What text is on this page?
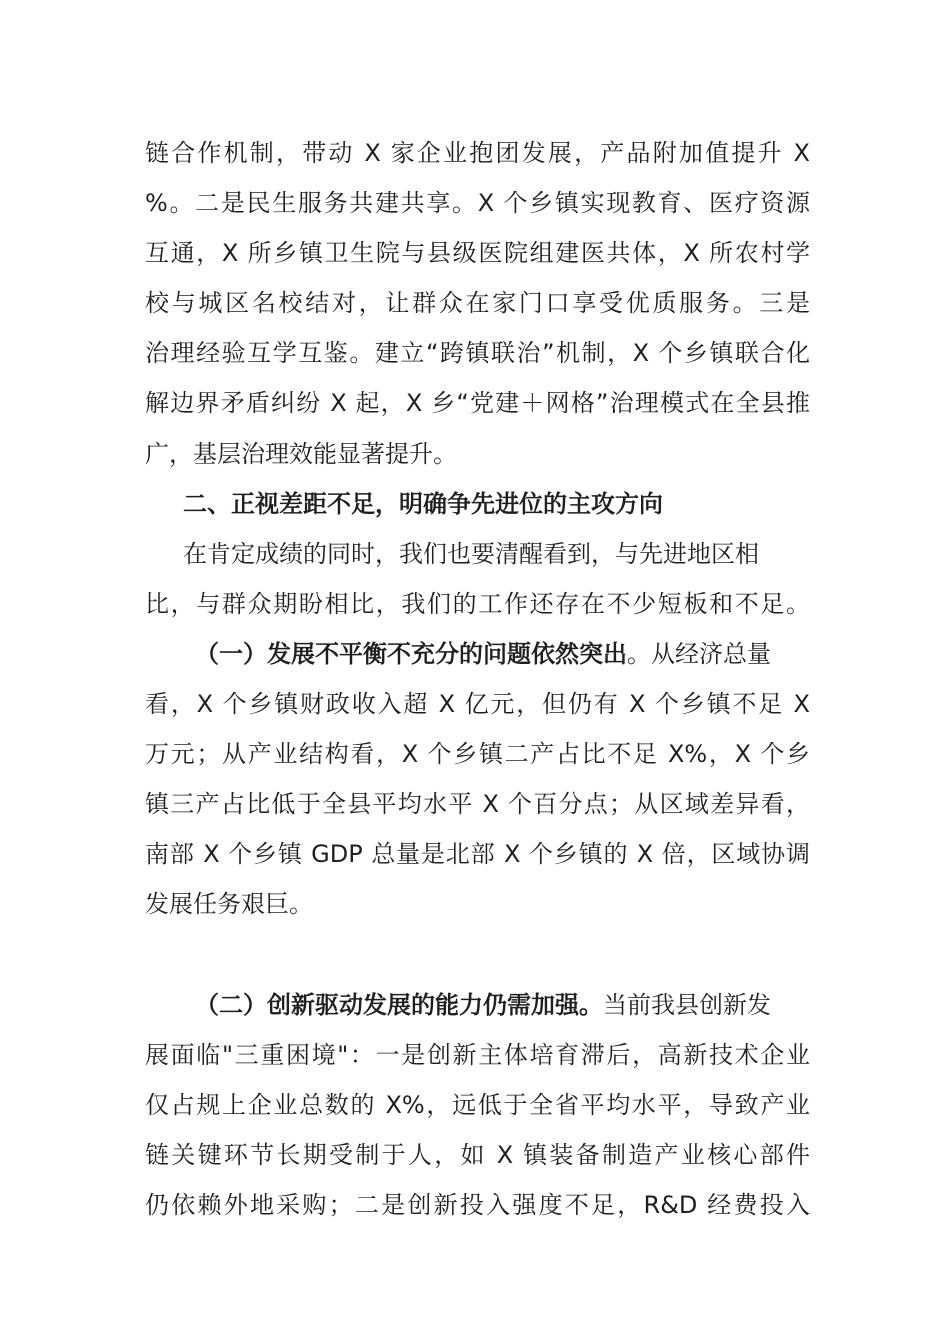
链合作机制，带动 X 家企业抱团发展，产品附加值提升 X
%。二是民生服务共建共享。X 个乡镇实现教育、医疗资源
互通，X 所乡镇卫生院与县级医院组建医共体，X 所农村学
校与城区名校结对，让群众在家门口享受优质服务。三是
治理经验互学互鉴。建立“跨镇联治”机制，X 个乡镇联合化
解边界矛盾纠纷 X 起，X 乡“党建＋网格”治理模式在全县推
广，基层治理效能显著提升。
二、正视差距不足，明确争先进位的主攻方向
在肯定成绩的同时，我们也要清醒看到，与先进地区相
比，与群众期盼相比，我们的工作还存在不少短板和不足。
（一）发展不平衡不充分的问题依然突出。从经济总量
看，X 个乡镇财政收入超 X 亿元，但仍有 X 个乡镇不足 X
万元；从产业结构看，X 个乡镇二产占比不足 X%，X 个乡
镇三产占比低于全县平均水平 X 个百分点；从区域差异看，
南部 X 个乡镇 GDP 总量是北部 X 个乡镇的 X 倍，区域协调
发展任务艰巨。
（二）创新驱动发展的能力仍需加强。当前我县创新发
展面临"三重困境"：一是创新主体培育滞后，高新技术企业
仅占规上企业总数的 X%，远低于全省平均水平，导致产业
链关键环节长期受制于人，如 X 镇装备制造产业核心部件
仍依赖外地采购；二是创新投入强度不足，R&D 经费投入
